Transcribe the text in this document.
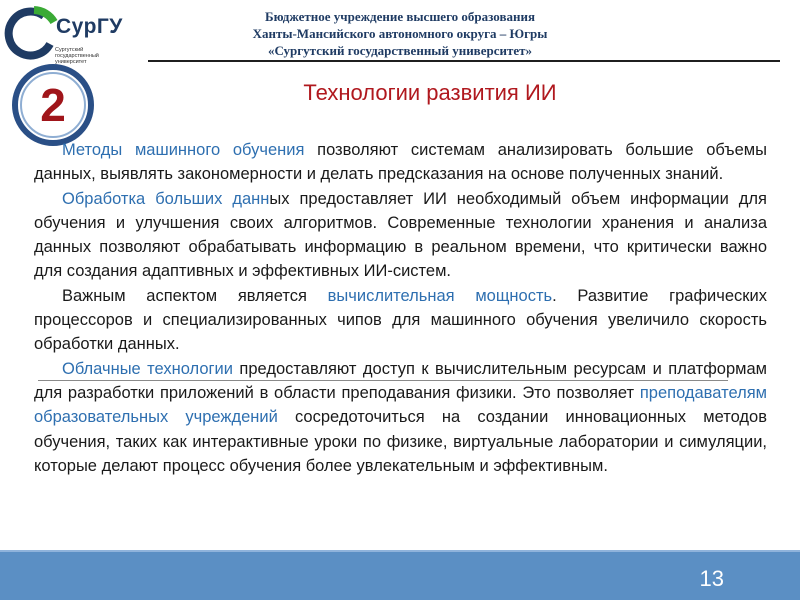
СурГУ
Сургутский государственный университет
Бюджетное учреждение высшего образования
Ханты-Мансийского автономного округа – Югры
«Сургутский государственный университет»
2	Технологии развития ИИ

Методы машинного обучения позволяют системам анализировать большие объемы данных, выявлять закономерности и делать предсказания на основе полученных знаний.

Обработка больших данных предоставляет ИИ необходимый объем информации для обучения и улучшения своих алгоритмов. Современные технологии хранения и анализа данных позволяют обрабатывать информацию в реальном времени, что критически важно для создания адаптивных и эффективных ИИ-систем.

Важным аспектом является вычислительная мощность. Развитие графических процессоров и специализированных чипов для машинного обучения увеличило скорость обработки данных.

Облачные технологии предоставляют доступ к вычислительным ресурсам и платформам для разработки приложений в области преподавания физики. Это позволяет преподавателям образовательных учреждений сосредоточиться на создании инновационных методов обучения, таких как интерактивные уроки по физике, виртуальные лаборатории и симуляции, которые делают процесс обучения более увлекательным и эффективным.

13
